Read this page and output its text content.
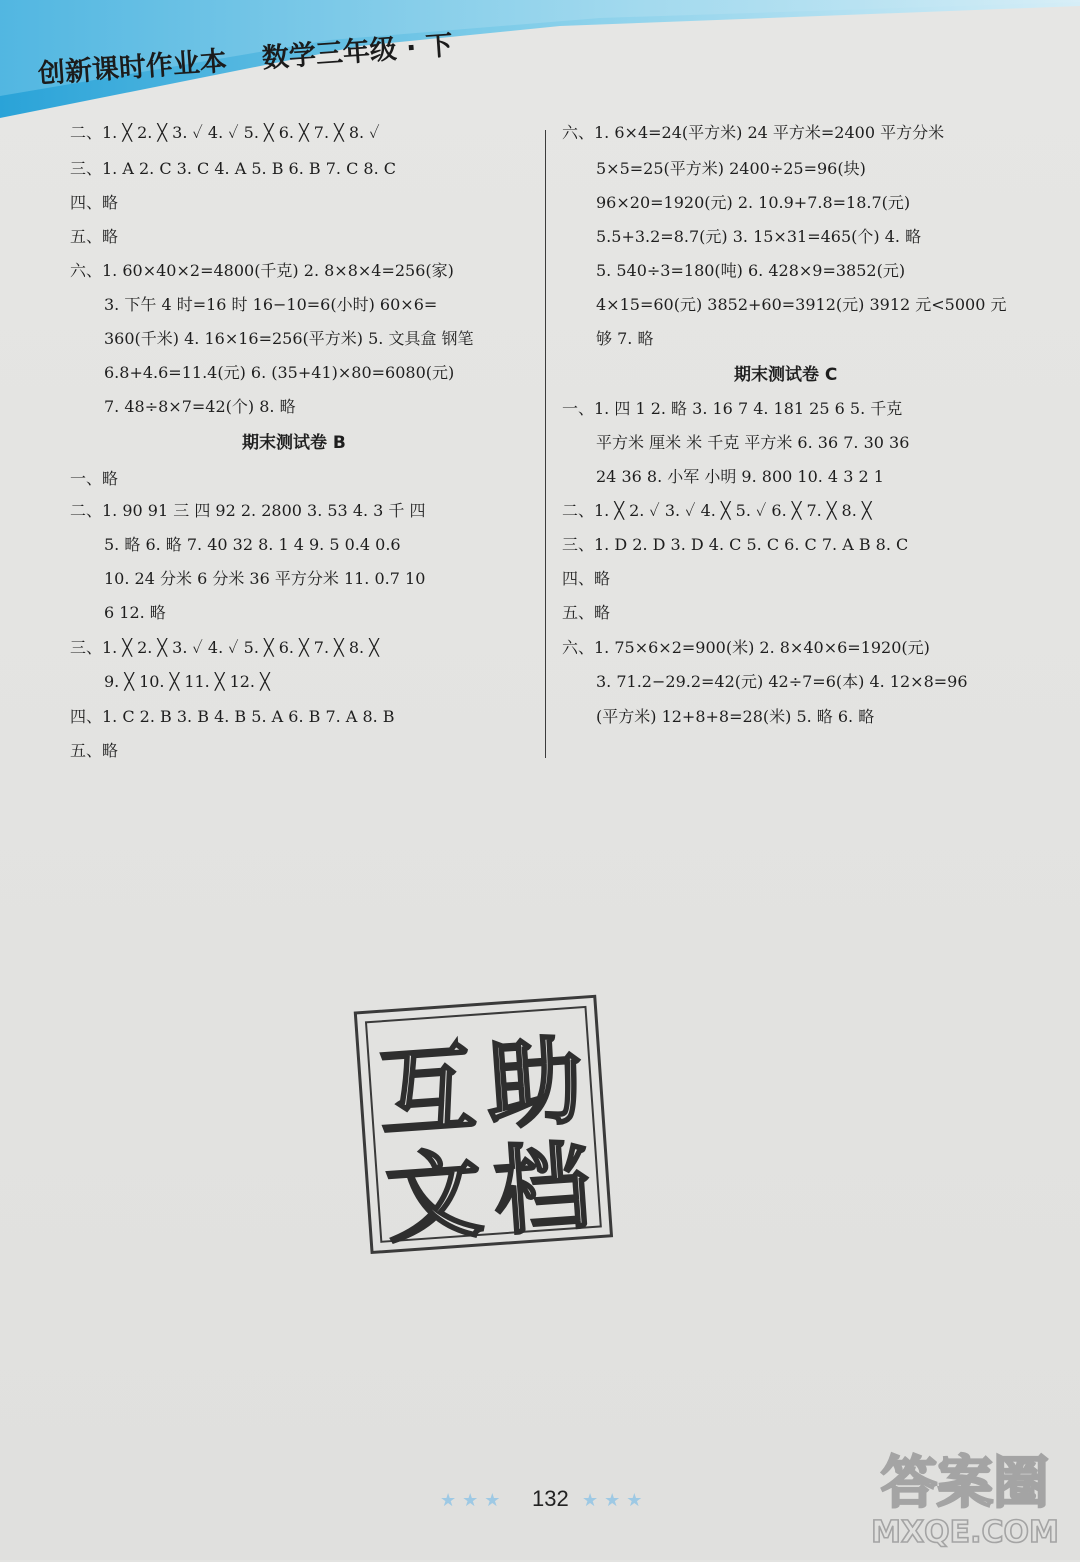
创新课时作业本 数学三年级 · 下
二、1. ╳ 2. ╳ 3. ✓ 4. ✓ 5. ╳ 6. ╳ 7. ╳ 8. ✓
三、1. A 2. C 3. C 4. A 5. B 6. B 7. C 8. C
四、略
五、略
六、1. 60×40×2=4800(千克) 2. 8×8×4=256(家)
3. 下午 4 时=16 时 16−10=6(小时) 60×6=
360(千米) 4. 16×16=256(平方米) 5. 文具盒 钢笔
6.8+4.6=11.4(元) 6. (35+41)×80=6080(元)
7. 48÷8×7=42(个) 8. 略
期末测试卷 B
一、略
二、1. 90 91 三 四 92 2. 2800 3. 53 4. 3 千 四
5. 略 6. 略 7. 40 32 8. 1 4 9. 5 0.4 0.6
10. 24 分米 6 分米 36 平方分米 11. 0.7 10
6 12. 略
三、1. ╳ 2. ╳ 3. ✓ 4. ✓ 5. ╳ 6. ╳ 7. ╳ 8. ╳
9. ╳ 10. ╳ 11. ╳ 12. ╳
四、1. C 2. B 3. B 4. B 5. A 6. B 7. A 8. B
五、略
六、1. 6×4=24(平方米) 24 平方米=2400 平方分米
5×5=25(平方米) 2400÷25=96(块)
96×20=1920(元) 2. 10.9+7.8=18.7(元)
5.5+3.2=8.7(元) 3. 15×31=465(个) 4. 略
5. 540÷3=180(吨) 6. 428×9=3852(元)
4×15=60(元) 3852+60=3912(元) 3912 元<5000 元
够 7. 略
期末测试卷 C
一、1. 四 1 2. 略 3. 16 7 4. 181 25 6 5. 千克
平方米 厘米 米 千克 平方米 6. 36 7. 30 36
24 36 8. 小军 小明 9. 800 10. 4 3 2 1
二、1. ╳ 2. ✓ 3. ✓ 4. ╳ 5. ✓ 6. ╳ 7. ╳ 8. ╳
三、1. D 2. D 3. D 4. C 5. C 6. C 7. A B 8. C
四、略
五、略
六、1. 75×6×2=900(米) 2. 8×40×6=1920(元)
3. 71.2−29.2=42(元) 42÷7=6(本) 4. 12×8=96
(平方米) 12+8+8=28(米) 5. 略 6. 略
互 助
文 档
★★★ 132 ★★★	答案圈
MXQE.COM
